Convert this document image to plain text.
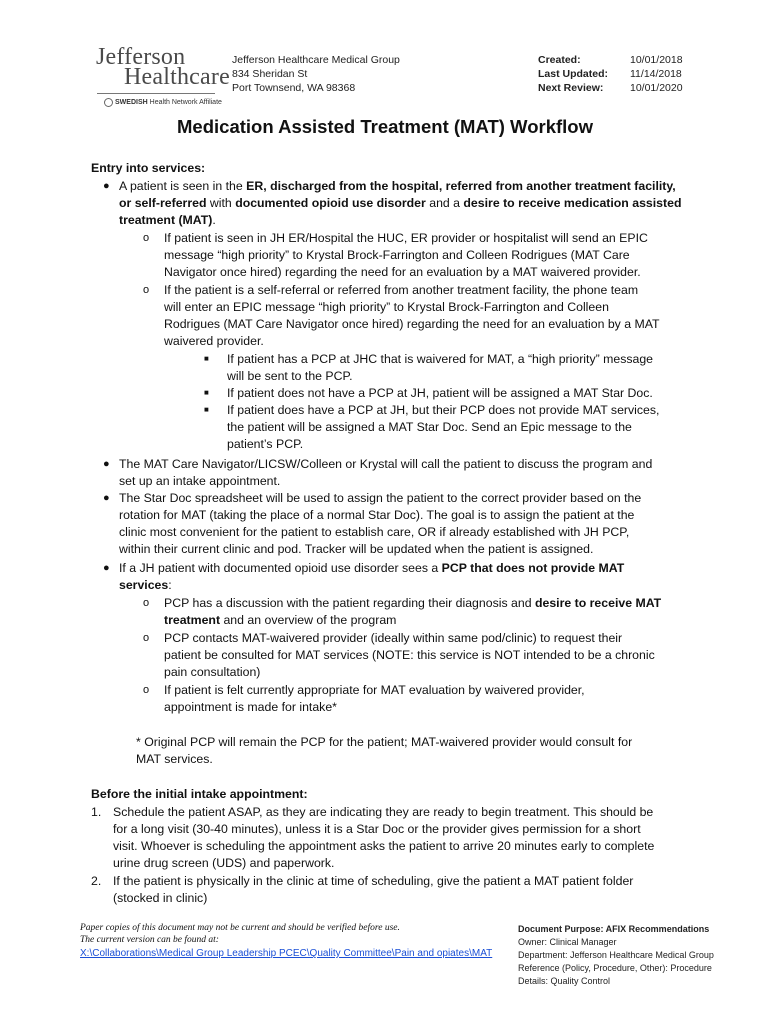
Jefferson
Healthcare
SWEDISH Health Network Affiliate
Jefferson Healthcare Medical Group
834 Sheridan St
Port Townsend, WA 98368
Created:	10/01/2018
Last Updated: 11/14/2018
Next Review:	10/01/2020
Medication Assisted Treatment (MAT) Workflow
Entry into services:
● A patient is seen in the ER, discharged from the hospital, referred from another treatment facility,
or self-referred with documented opioid use disorder and a desire to receive medication assisted
treatment (MAT).
o If patient is seen in JH ER/Hospital the HUC, ER provider or hospitalist will send an EPIC
message “high priority” to Krystal Brock-Farrington and Colleen Rodrigues (MAT Care
Navigator once hired) regarding the need for an evaluation by a MAT waivered provider.
o If the patient is a self-referral or referred from another treatment facility, the phone team
will enter an EPIC message “high priority” to Krystal Brock-Farrington and Colleen
Rodrigues (MAT Care Navigator once hired) regarding the need for an evaluation by a MAT
waivered provider.
■ If patient has a PCP at JHC that is waivered for MAT, a “high priority” message
will be sent to the PCP.
■ If patient does not have a PCP at JH, patient will be assigned a MAT Star Doc.
■ If patient does have a PCP at JH, but their PCP does not provide MAT services,
the patient will be assigned a MAT Star Doc. Send an Epic message to the
patient’s PCP.
● The MAT Care Navigator/LICSW/Colleen or Krystal will call the patient to discuss the program and
set up an intake appointment.
● The Star Doc spreadsheet will be used to assign the patient to the correct provider based on the
rotation for MAT (taking the place of a normal Star Doc). The goal is to assign the patient at the
clinic most convenient for the patient to establish care, OR if already established with JH PCP,
within their current clinic and pod. Tracker will be updated when the patient is assigned.
● If a JH patient with documented opioid use disorder sees a PCP that does not provide MAT
services:
o PCP has a discussion with the patient regarding their diagnosis and desire to receive MAT
treatment and an overview of the program
o PCP contacts MAT-waivered provider (ideally within same pod/clinic) to request their
patient be consulted for MAT services (NOTE: this service is NOT intended to be a chronic
pain consultation)
o If patient is felt currently appropriate for MAT evaluation by waivered provider,
appointment is made for intake*
* Original PCP will remain the PCP for the patient; MAT-waivered provider would consult for
MAT services.
Before the initial intake appointment:
1. Schedule the patient ASAP, as they are indicating they are ready to begin treatment. This should be
for a long visit (30-40 minutes), unless it is a Star Doc or the provider gives permission for a short
visit. Whoever is scheduling the appointment asks the patient to arrive 20 minutes early to complete
urine drug screen (UDS) and paperwork.
2. If the patient is physically in the clinic at time of scheduling, give the patient a MAT patient folder
(stocked in clinic)
Paper copies of this document may not be current and should be verified before use.
The current version can be found at:
X:\Collaborations\Medical Group Leadership PCEC\Quality Committee\Pain and opiates\MAT
Document Purpose: AFIX Recommendations
Owner: Clinical Manager
Department: Jefferson Healthcare Medical Group
Reference (Policy, Procedure, Other): Procedure
Details: Quality Control
